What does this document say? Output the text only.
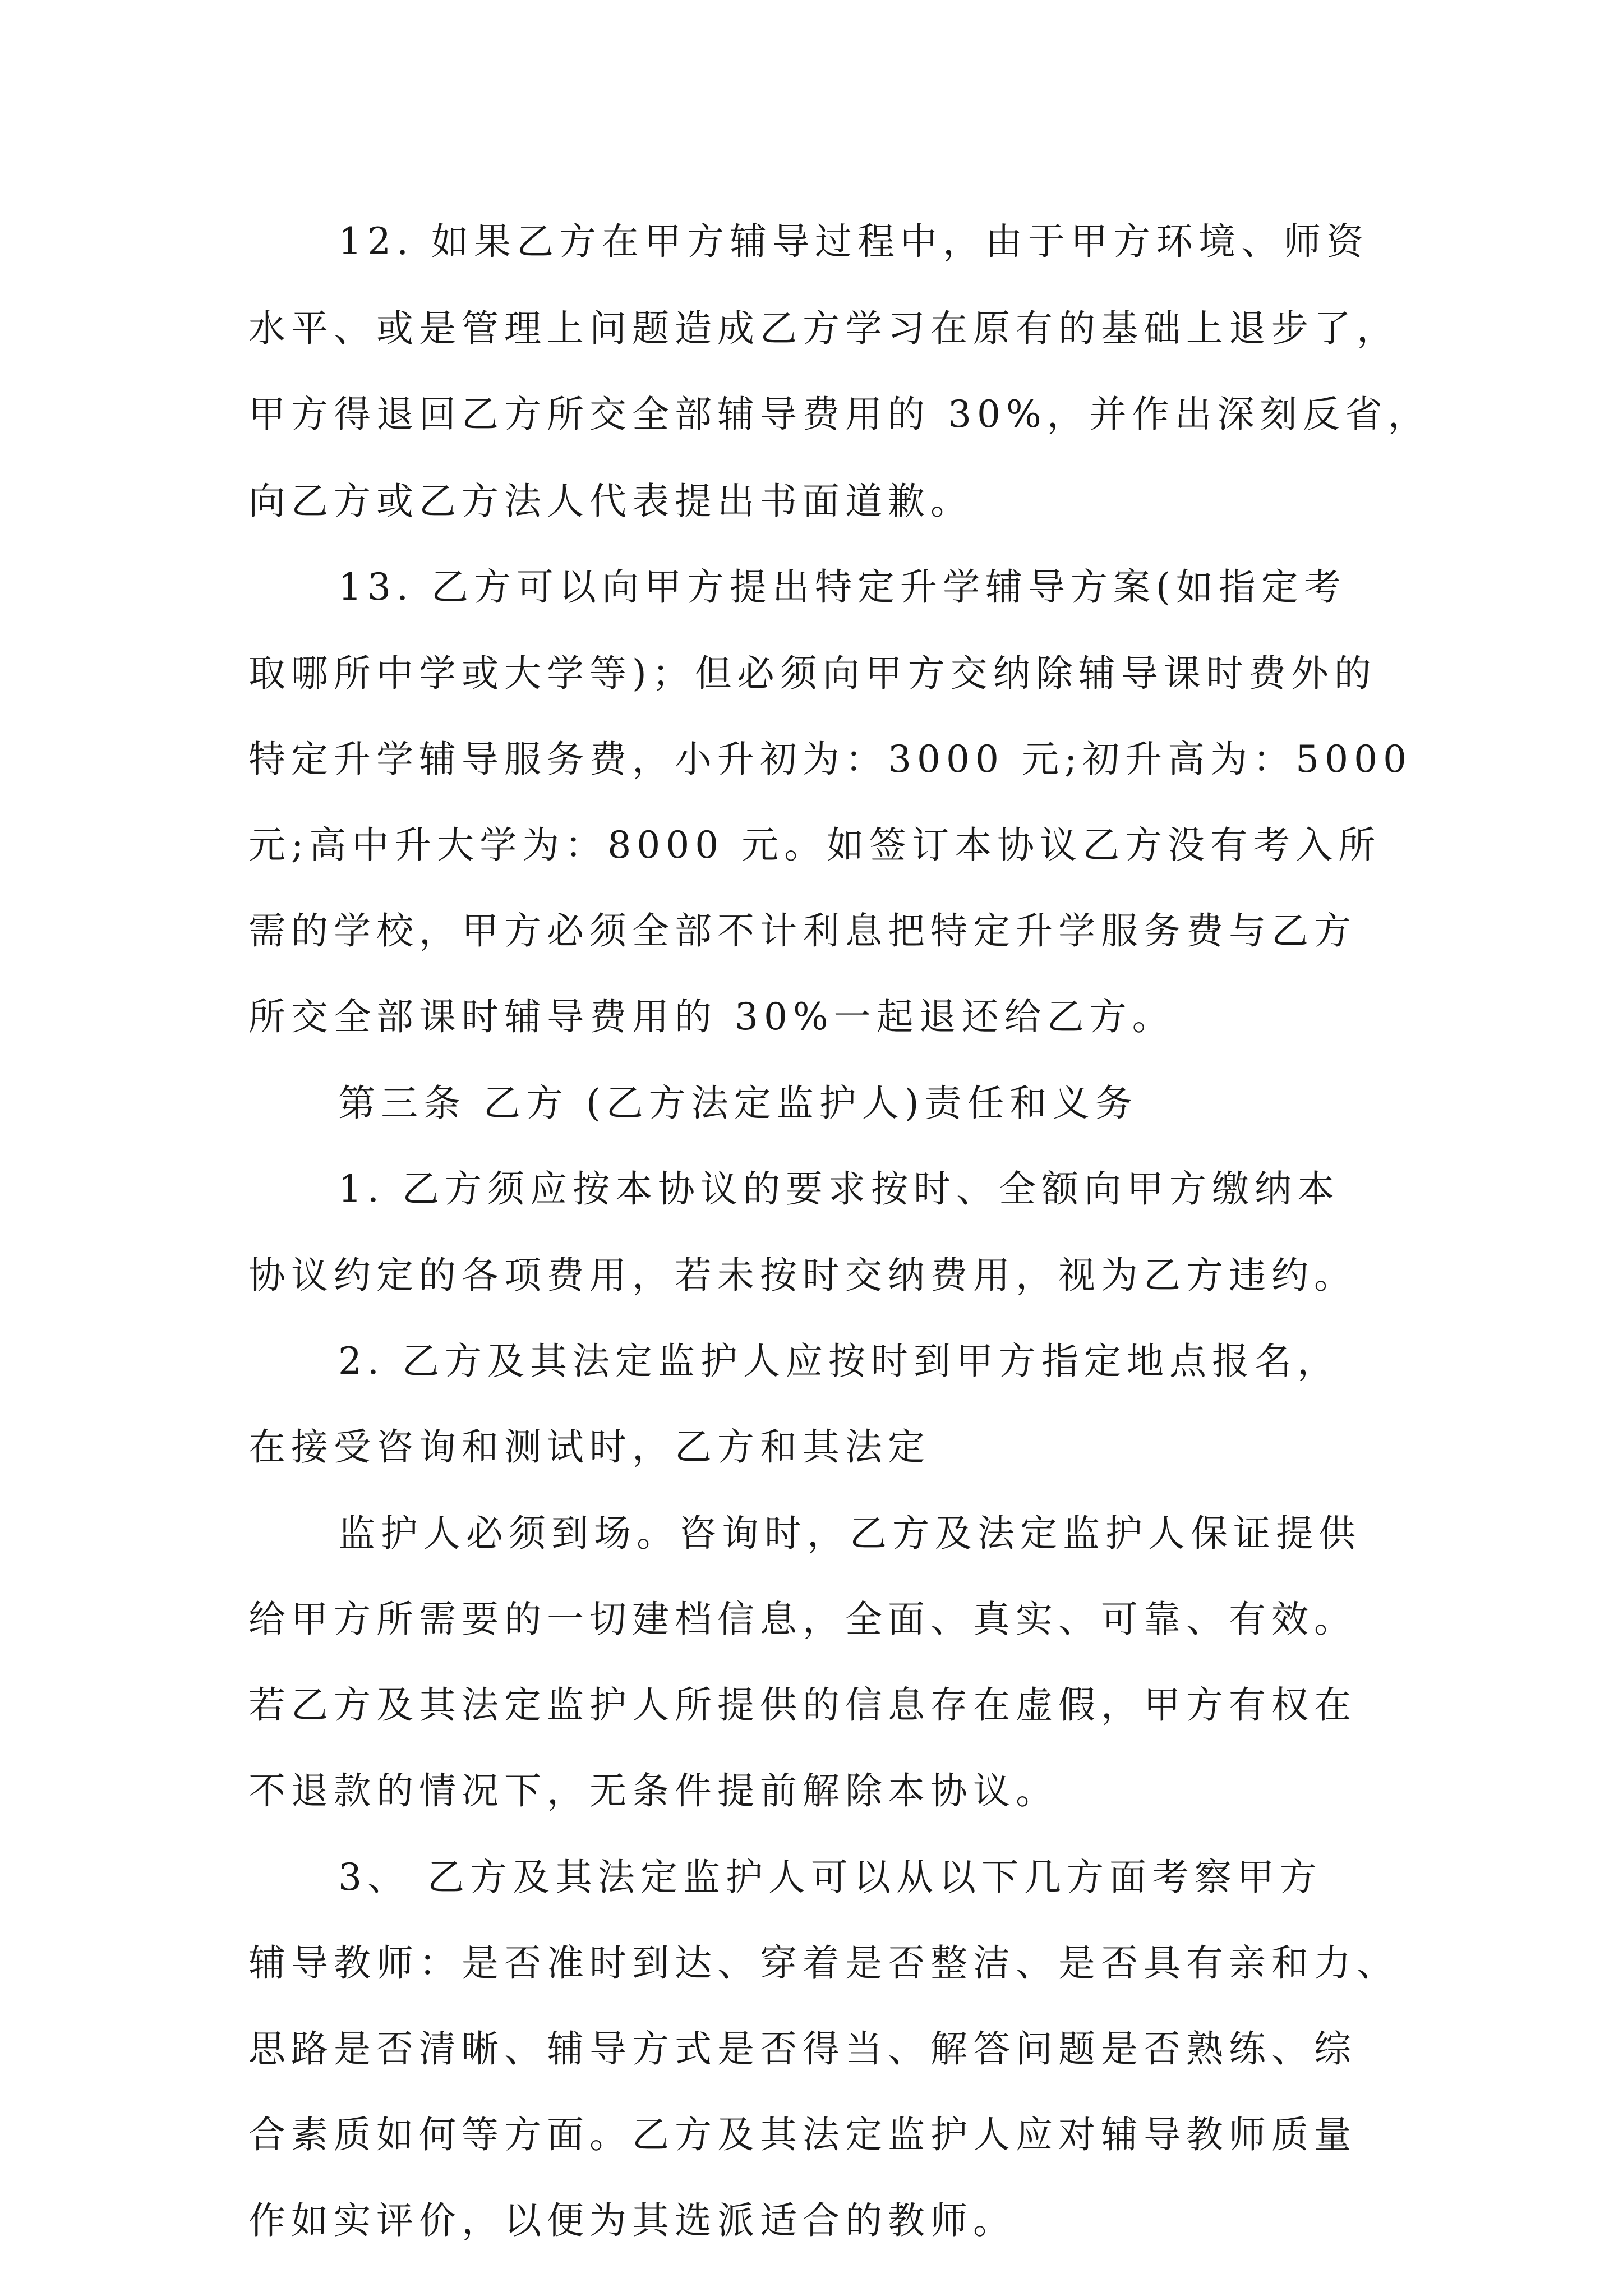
12. 如果乙方在甲方辅导过程中，由于甲方环境、师资
水平、或是管理上问题造成乙方学习在原有的基础上退步了，
甲方得退回乙方所交全部辅导费用的 30%，并作出深刻反省，
向乙方或乙方法人代表提出书面道歉。
13. 乙方可以向甲方提出特定升学辅导方案(如指定考
取哪所中学或大学等)；但必须向甲方交纳除辅导课时费外的
特定升学辅导服务费，小升初为：3000 元;初升高为：5000
元;高中升大学为：8000 元。如签订本协议乙方没有考入所
需的学校，甲方必须全部不计利息把特定升学服务费与乙方
所交全部课时辅导费用的 30%一起退还给乙方。
第三条 乙方 (乙方法定监护人)责任和义务
1. 乙方须应按本协议的要求按时、全额向甲方缴纳本
协议约定的各项费用，若未按时交纳费用，视为乙方违约。
2. 乙方及其法定监护人应按时到甲方指定地点报名，
在接受咨询和测试时，乙方和其法定
监护人必须到场。咨询时，乙方及法定监护人保证提供
给甲方所需要的一切建档信息，全面、真实、可靠、有效。
若乙方及其法定监护人所提供的信息存在虚假，甲方有权在
不退款的情况下，无条件提前解除本协议。
3、 乙方及其法定监护人可以从以下几方面考察甲方
辅导教师：是否准时到达、穿着是否整洁、是否具有亲和力、
思路是否清晰、辅导方式是否得当、解答问题是否熟练、综
合素质如何等方面。乙方及其法定监护人应对辅导教师质量
作如实评价，以便为其选派适合的教师。
